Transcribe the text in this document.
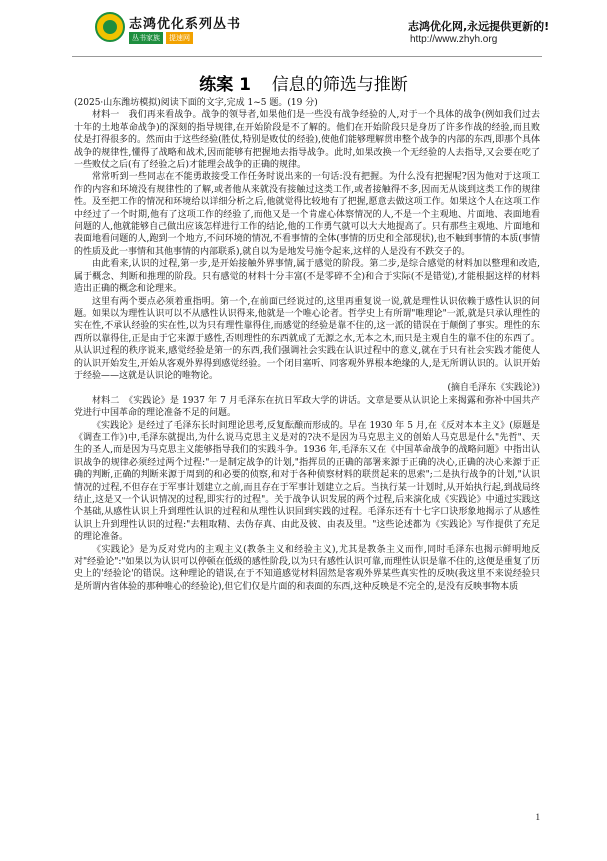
志鸿优化系列丛书
丛书家族	提速网
志鸿优化网,永远提供更新的!
http://www.zhyh.org
练案 1 信息的筛选与推断

(2025·山东潍坊模拟)阅读下面的文字,完成 1~5 题。(19 分)

材料一　 我们再来看战争。战争的领导者,如果他们是一些没有战争经验的人,对于一个具体的战争(例如我们过去十年的土地革命战争)的深刻的指导规律,在开始阶段是不了解的。他们在开始阶段只是身历了许多作战的经验,而且败仗是打得很多的。然而由于这些经验(胜仗,特别是败仗的经验),使他们能够理解贯串整个战争的内部的东西,即那个具体战争的规律性,懂得了战略和战术,因而能够有把握地去指导战争。此时,如果改换一个无经验的人去指导,又会要在吃了一些败仗之后(有了经验之后)才能理会战争的正确的规律。

常常听到一些同志在不能勇敢接受工作任务时说出来的一句话:没有把握。为什么没有把握呢?因为他对于这项工作的内容和环境没有规律性的了解,或者他从来就没有接触过这类工作,或者接触得不多,因而无从谈到这类工作的规律性。及至把工作的情况和环境给以详细分析之后,他就觉得比较地有了把握,愿意去做这项工作。如果这个人在这项工作中经过了一个时期,他有了这项工作的经验了,而他又是一个肯虚心体察情况的人,不是一个主观地、片面地、表面地看问题的人,他就能够自己做出应该怎样进行工作的结论,他的工作勇气就可以大大地提高了。只有那些主观地、片面地和表面地看问题的人,跑到一个地方,不问环境的情况,不看事情的全体(事情的历史和全部现状),也不触到事情的本质(事情的性质及此一事情和其他事情的内部联系),就自以为是地发号施令起来,这样的人是没有不跌交子的。

由此看来,认识的过程,第一步,是开始接触外界事情,属于感觉的阶段。第二步,是综合感觉的材料加以整理和改造,属于概念、判断和推理的阶段。只有感觉的材料十分丰富(不是零碎不全)和合于实际(不是错觉),才能根据这样的材料造出正确的概念和论理来。

这里有两个要点必须着重指明。第一个,在前面已经说过的,这里再重复说一说,就是理性认识依赖于感性认识的问题。如果以为理性认识可以不从感性认识得来,他就是一个唯心论者。哲学史上有所谓"唯理论"一派,就是只承认理性的实在性,不承认经验的实在性,以为只有理性靠得住,而感觉的经验是靠不住的,这一派的错误在于颠倒了事实。理性的东西所以靠得住,正是由于它来源于感性,否则理性的东西就成了无源之水,无本之木,而只是主观自生的靠不住的东西了。从认识过程的秩序说来,感觉经验是第一的东西,我们强调社会实践在认识过程中的意义,就在于只有社会实践才能使人的认识开始发生,开始从客观外界得到感觉经验。一个闭目塞听、同客观外界根本绝缘的人,是无所谓认识的。认识开始于经验——这就是认识论的唯物论。

(摘自毛泽东《实践论》)

材料二　 《实践论》是 1937 年 7 月毛泽东在抗日军政大学的讲话。文章是要从认识论上来揭露和弥补中国共产党进行中国革命的理论准备不足的问题。

《实践论》是经过了毛泽东长时间理论思考,反复酝酿而形成的。早在 1930 年 5 月,在《反对本本主义》(原题是《调查工作》)中,毛泽东就提出,为什么说马克思主义是对的?决不是因为马克思主义的创始人马克思是什么"先哲"、天生的圣人,而是因为马克思主义能够指导我们的实践斗争。1936 年,毛泽东又在《中国革命战争的战略问题》中指出认识战争的规律必须经过两个过程:"一是制定战争的计划,"指挥员的正确的部署来源于正确的决心,正确的决心来源于正确的判断,正确的判断来源于周到的和必要的侦察,和对于各种侦察材料的联贯起来的思索";二是执行战争的计划,"认识情况的过程,不但存在于军事计划建立之前,而且存在于军事计划建立之后。当执行某一计划时,从开始执行起,到战局终结止,这是又一个认识情况的过程,即实行的过程"。关于战争认识发展的两个过程,后来演化成《实践论》中通过实践这个基础,从感性认识上升到理性认识的过程和从理性认识回到实践的过程。毛泽东还有十七字口诀形象地揭示了从感性认识上升到理性认识的过程:"去粗取精、去伪存真、由此及彼、由表及里。"这些论述都为《实践论》写作提供了充足的理论准备。

《实践论》是为反对党内的主观主义(教条主义和经验主义),尤其是教条主义而作,同时毛泽东也揭示鲜明地反对"经验论":"如果以为认识可以停顿在低级的感性阶段,以为只有感性认识可靠,而理性认识是靠不住的,这便是重复了历史上的'经验论'的错误。这种理论的错误,在于不知道感觉材料固然是客观外界某些真实性的反映(我这里不来说经验只是所谓内省体验的那种唯心的经验论),但它们仅是片面的和表面的东西,这种反映是不完全的,是没有反映事物本质

1
